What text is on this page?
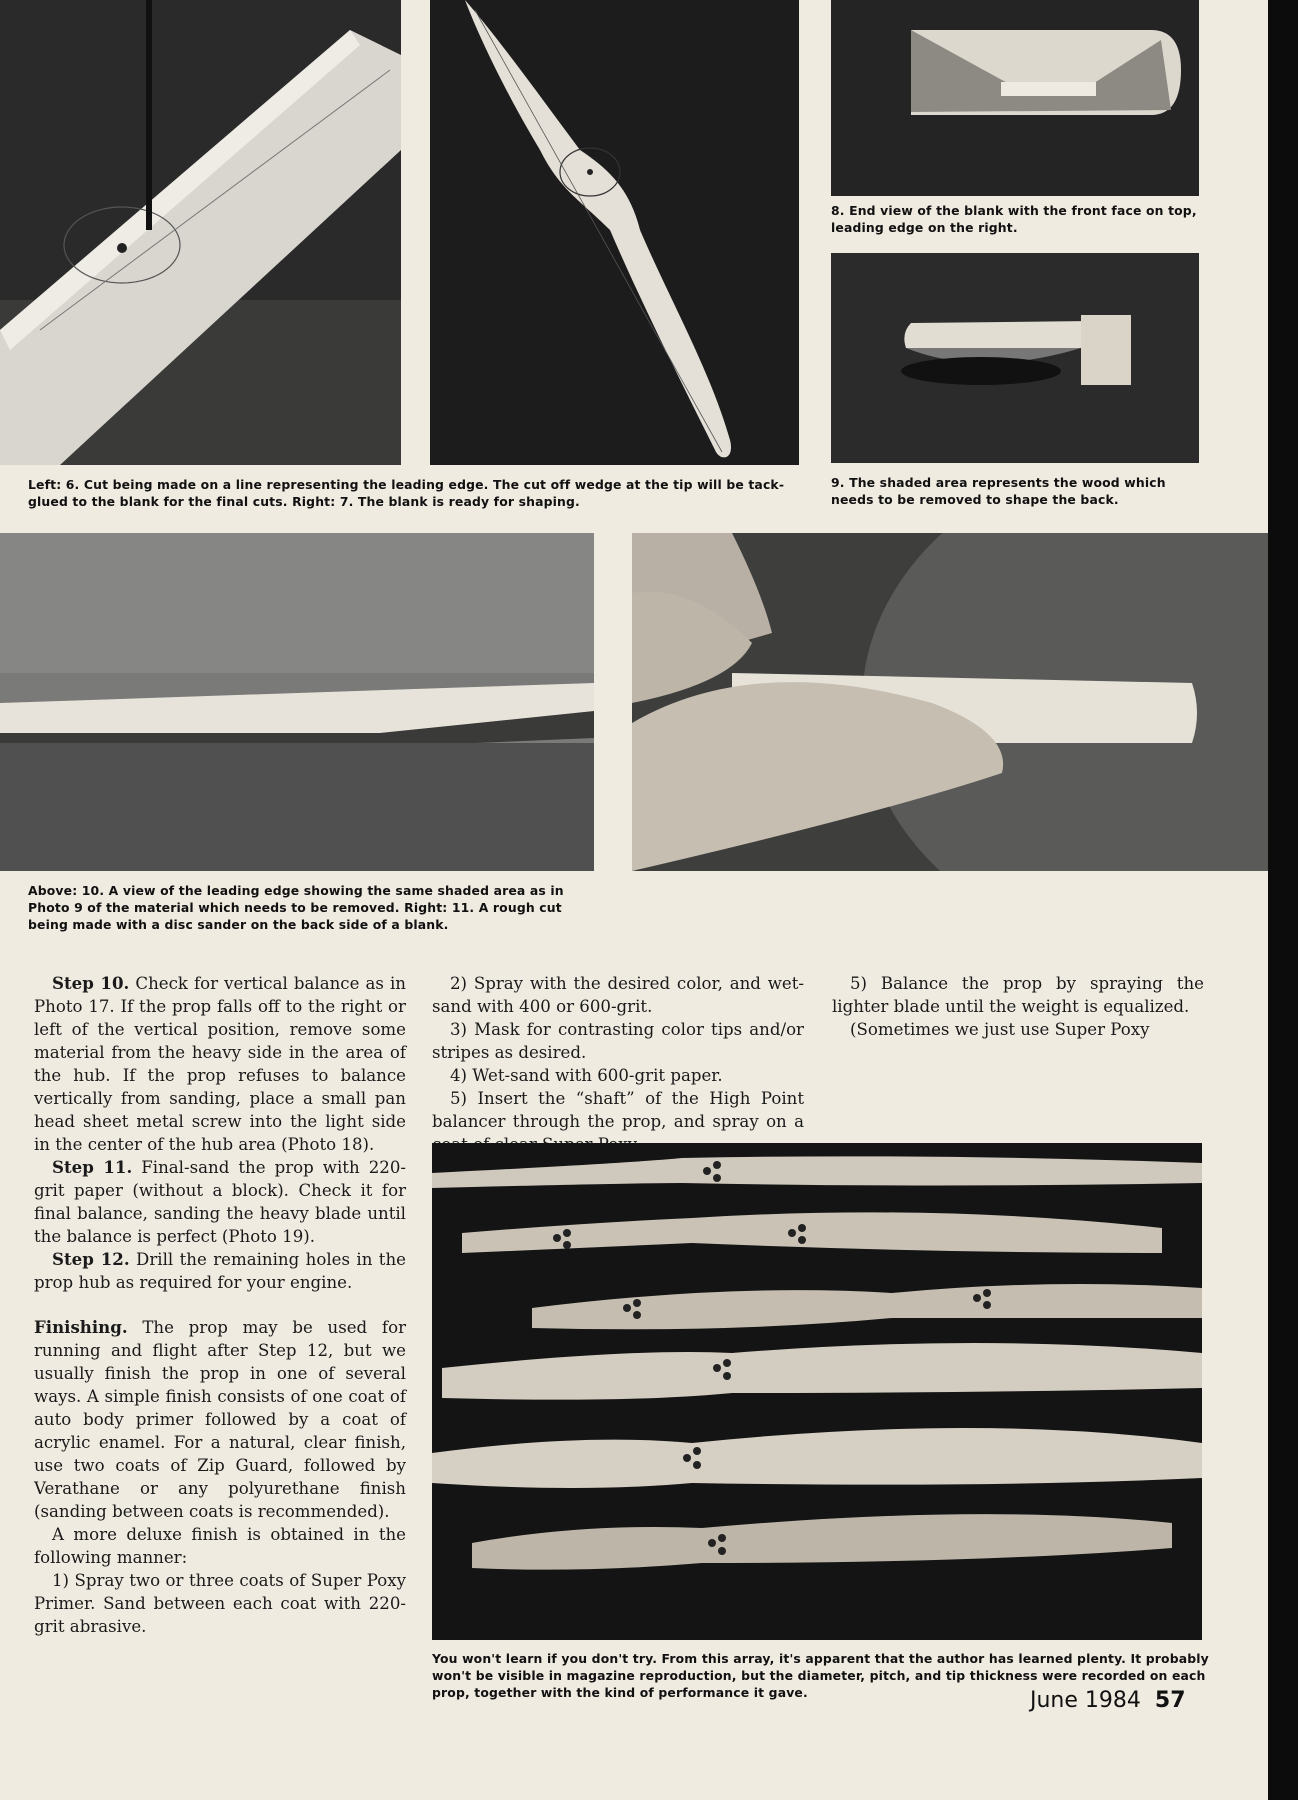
8. End view of the blank with the front face on top, leading edge on the right.

Left: 6. Cut being made on a line representing the leading edge. The cut off wedge at the tip will be tack-glued to the blank for the final cuts. Right: 7. The blank is ready for shaping.

9. The shaded area represents the wood which needs to be removed to shape the back.

Above: 10. A view of the leading edge showing the same shaded area as in Photo 9 of the material which needs to be removed. Right: 11. A rough cut being made with a disc sander on the back side of a blank.

Step 10. Check for vertical balance as in Photo 17. If the prop falls off to the right or left of the vertical position, remove some material from the heavy side in the area of the hub. If the prop refuses to balance vertically from sanding, place a small pan head sheet metal screw into the light side in the center of the hub area (Photo 18).

Step 11. Final-sand the prop with 220-grit paper (without a block). Check it for final balance, sanding the heavy blade until the balance is perfect (Photo 19).

Step 12. Drill the remaining holes in the prop hub as required for your engine.

Finishing. The prop may be used for running and flight after Step 12, but we usually finish the prop in one of several ways. A simple finish consists of one coat of auto body primer followed by a coat of acrylic enamel. For a natural, clear finish, use two coats of Zip Guard, followed by Verathane or any polyurethane finish (sanding between coats is recommended).

A more deluxe finish is obtained in the following manner:

1) Spray two or three coats of Super Poxy Primer. Sand between each coat with 220-grit abrasive.

2) Spray with the desired color, and wet-sand with 400 or 600-grit.

3) Mask for contrasting color tips and/or stripes as desired.

4) Wet-sand with 600-grit paper.

5) Insert the “shaft” of the High Point balancer through the prop, and spray on a

5) Balance the prop by spraying the lighter blade until the weight is equalized.

(Sometimes we just use Super Poxy

You won't learn if you don't try. From this array, it's apparent that the author has learned plenty. It probably won't be visible in magazine reproduction, but the diameter, pitch, and tip thickness were recorded on each prop, together with the kind of performance it gave.	June 1984 57
